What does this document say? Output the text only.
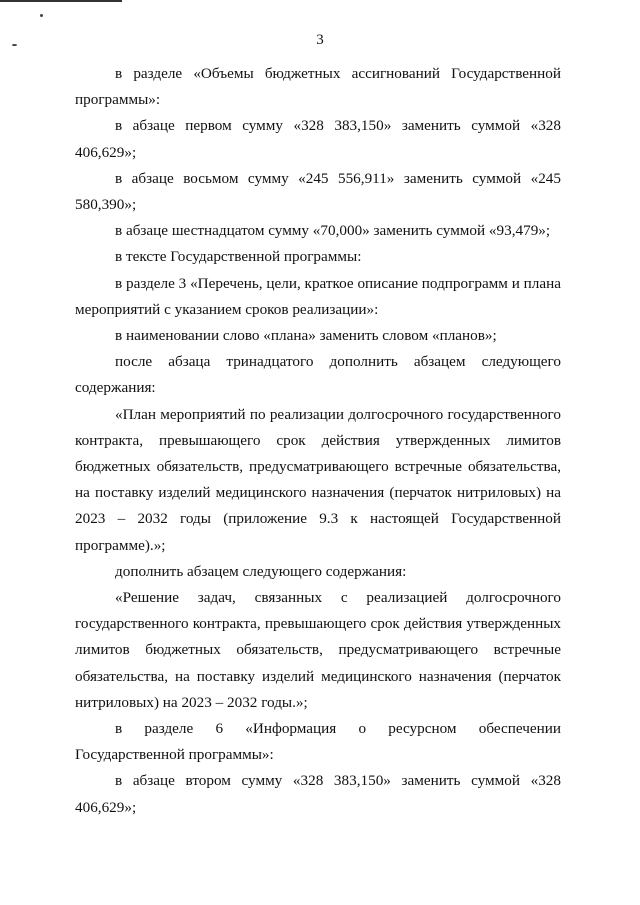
3

в разделе «Объемы бюджетных ассигнований Государственной программы»:

в абзаце первом сумму «328 383,150» заменить суммой «328 406,629»;

в абзаце восьмом сумму «245 556,911» заменить суммой «245 580,390»;

в абзаце шестнадцатом сумму «70,000» заменить суммой «93,479»;

в тексте Государственной программы:

в разделе 3 «Перечень, цели, краткое описание подпрограмм и плана мероприятий с указанием сроков реализации»:

в наименовании слово «плана» заменить словом «планов»;

после абзаца тринадцатого дополнить абзацем следующего содержания:

«План мероприятий по реализации долгосрочного государственного контракта, превышающего срок действия утвержденных лимитов бюджетных обязательств, предусматривающего встречные обязательства, на поставку изделий медицинского назначения (перчаток нитриловых) на 2023 – 2032 годы (приложение 9.3 к настоящей Государственной программе).»;

дополнить абзацем следующего содержания:

«Решение задач, связанных с реализацией долгосрочного государственного контракта, превышающего срок действия утвержденных лимитов бюджетных обязательств, предусматривающего встречные обязательства, на поставку изделий медицинского назначения (перчаток нитриловых) на 2023 – 2032 годы.»;

в разделе 6 «Информация о ресурсном обеспечении Государственной программы»:

в абзаце втором сумму «328 383,150» заменить суммой «328 406,629»;
